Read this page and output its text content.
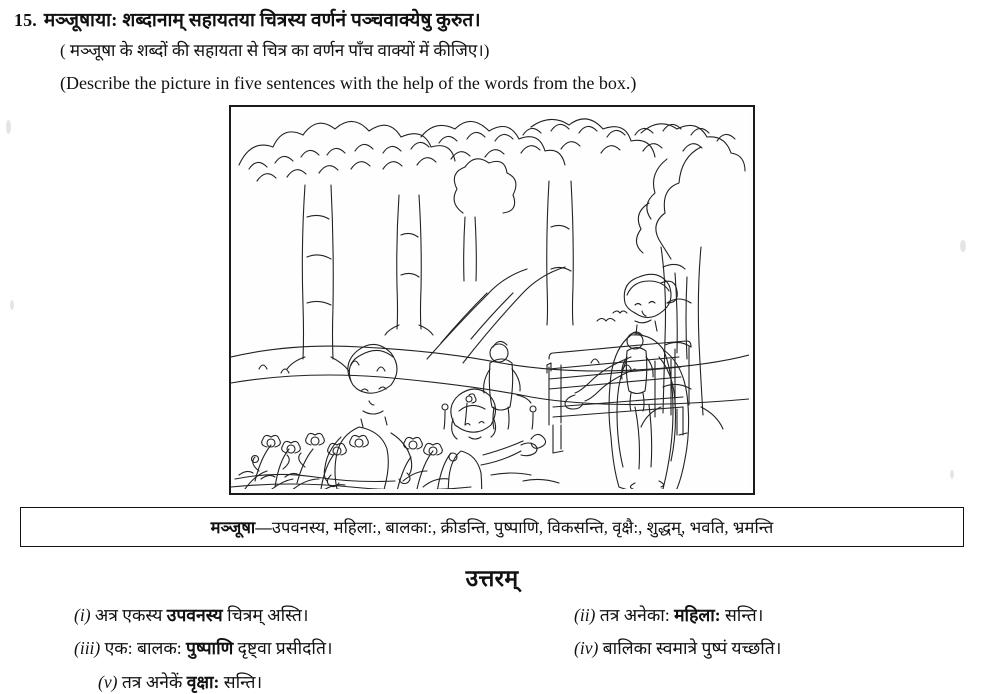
15. मञ्जूषाया: शब्दानाम् सहायतया चित्रस्य वर्णनं पञ्चवाक्येषु कुरुत।
( मञ्जूषा के शब्दों की सहायता से चित्र का वर्णन पाँच वाक्यों में कीजिए।)
(Describe the picture in five sentences with the help of the words from the box.)
मञ्जूषा—उपवनस्य, महिला:, बालका:, क्रीडन्ति, पुष्पाणि, विकसन्ति, वृक्षै:, शुद्धम्, भवति, भ्रमन्ति
उत्तरम्
(i) अत्र एकस्य उपवनस्य चित्रम् अस्ति।	(ii) तत्र अनेका: महिला: सन्ति।
(iii) एक: बालक: पुष्पाणि दृष्ट्वा प्रसीदति।	(iv) बालिका स्वमात्रे पुष्पं यच्छति।
(v) तत्र अनेकें वृक्षा: सन्ति।
